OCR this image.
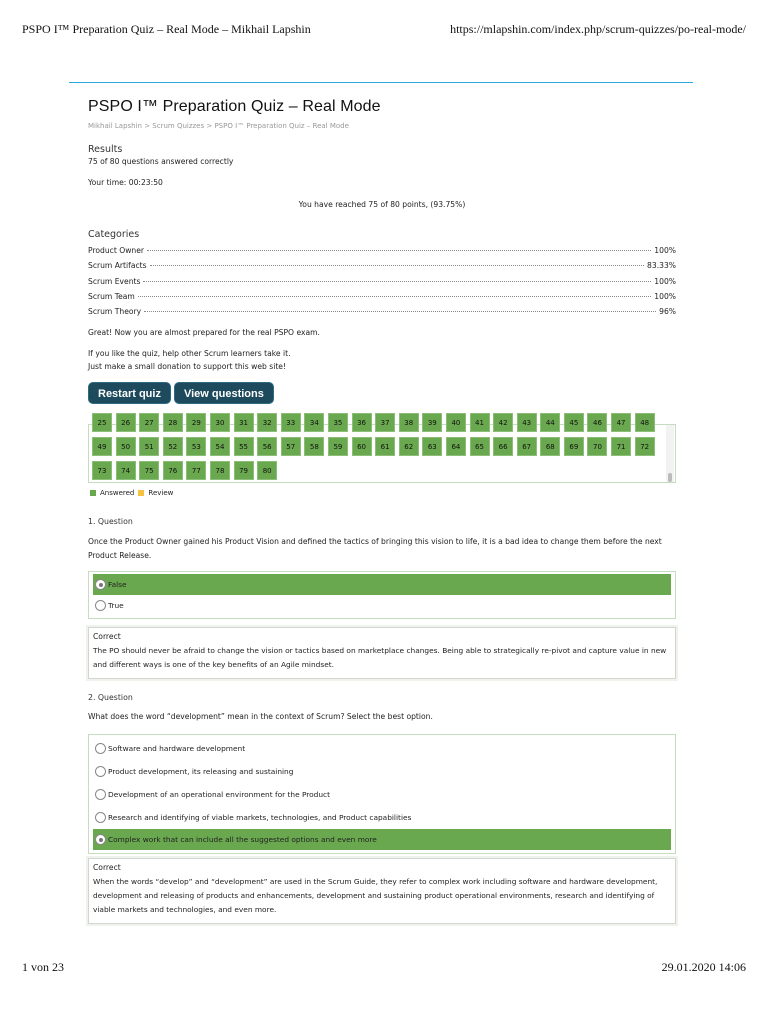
PSPO I™ Preparation Quiz – Real Mode – Mikhail Lapshin	https://mlapshin.com/index.php/scrum-quizzes/po-real-mode/
PSPO I™ Preparation Quiz – Real Mode
Mikhail Lapshin > Scrum Quizzes > PSPO I™ Preparation Quiz – Real Mode
Results
75 of 80 questions answered correctly
Your time: 00:23:50
You have reached 75 of 80 points, (93.75%)
Categories
Product Owner	100%
Scrum Artifacts	83.33%
Scrum Events	100%
Scrum Team	100%
Scrum Theory	96%
Great! Now you are almost prepared for the real PSPO exam.
If you like the quiz, help other Scrum learners take it.
Just make a small donation to support this web site!
Restart quiz	View questions
25	26	27	28	29	30	31	32	33	34	35	36	37	38	39	40	41	42	43	44	45	46	47	48
49	50	51	52	53	54	55	56	57	58	59	60	61	62	63	64	65	66	67	68	69	70	71	72
73	74	75	76	77	78	79	80
Answered Review
1. Question
Once the Product Owner gained his Product Vision and defined the tactics of bringing this vision to life, it is a bad idea to change them before the next Product Release.
False
True
Correct
The PO should never be afraid to change the vision or tactics based on marketplace changes. Being able to strategically re-pivot and capture value in new and different ways is one of the key benefits of an Agile mindset.
2. Question
What does the word “development” mean in the context of Scrum? Select the best option.
Software and hardware development
Product development, its releasing and sustaining
Development of an operational environment for the Product
Research and identifying of viable markets, technologies, and Product capabilities
Complex work that can include all the suggested options and even more
Correct
When the words “develop” and “development” are used in the Scrum Guide, they refer to complex work including software and hardware development, development and releasing of products and enhancements, development and sustaining product operational environments, research and identifying of viable markets and technologies, and even more.
1 von 23	29.01.2020 14:06
